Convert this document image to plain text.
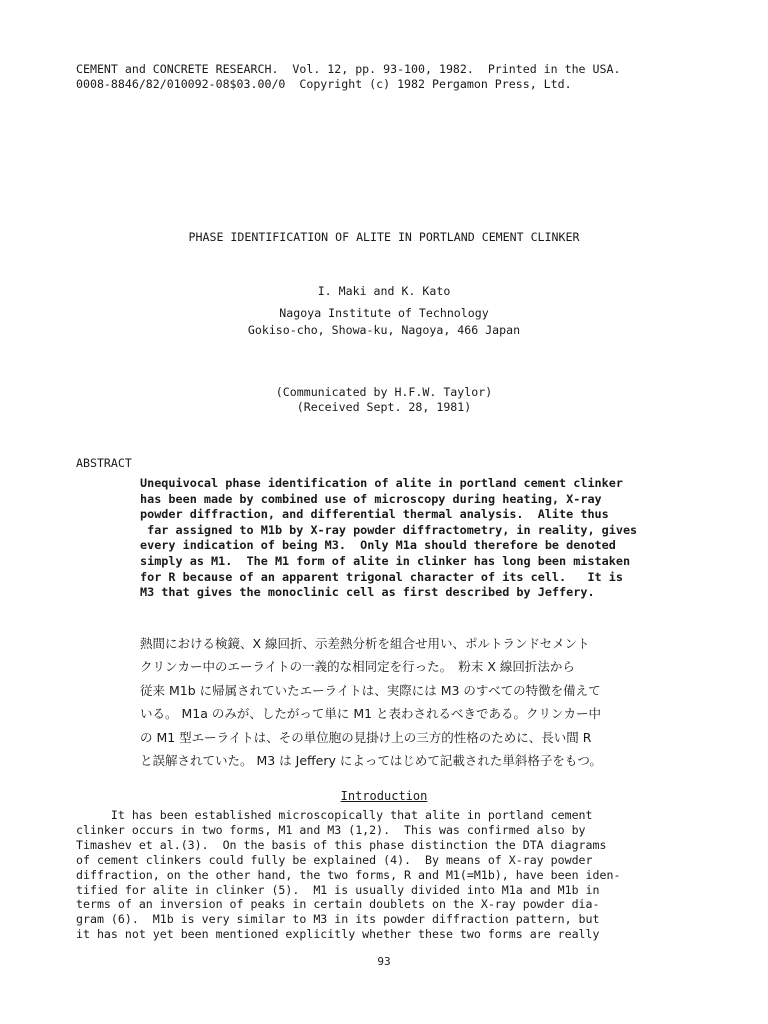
CEMENT and CONCRETE RESEARCH.  Vol. 12, pp. 93-100, 1982.  Printed in the USA.
0008-8846/82/010092-08$03.00/0  Copyright (c) 1982 Pergamon Press, Ltd.
PHASE IDENTIFICATION OF ALITE IN PORTLAND CEMENT CLINKER
I. Maki and K. Kato
Nagoya Institute of Technology
Gokiso-cho, Showa-ku, Nagoya, 466 Japan
(Communicated by H.F.W. Taylor)
(Received Sept. 28, 1981)
ABSTRACT
Unequivocal phase identification of alite in portland cement clinker
has been made by combined use of microscopy during heating, X-ray
powder diffraction, and differential thermal analysis.  Alite thus
far assigned to M1b by X-ray powder diffractometry, in reality, gives
every indication of being M3.  Only M1a should therefore be denoted
simply as M1.  The M1 form of alite in clinker has long been mistaken
for R because of an apparent trigonal character of its cell.   It is
M3 that gives the monoclinic cell as first described by Jeffery.
熱間における検鏡、X 線回折、示差熱分析を組合せ用い、ポルトランドセメント
クリンカー中のエーライトの一義的な相同定を行った。　粉末 X 線回折法から
従来 M1b に帰属されていたエーライトは、実際には M3 のすべての特徴を備えて
いる。 M1a のみが、したがって単に M1 と表わされるべきである。クリンカー中
の M1 型エーライトは、その単位胞の見掛け上の三方的性格のために、長い間 R
と誤解されていた。 M3 は Jeffery によってはじめて記載された単斜格子をもつ。
Introduction
It has been established microscopically that alite in portland cement
clinker occurs in two forms, M1 and M3 (1,2).  This was confirmed also by
Timashev et al.(3).  On the basis of this phase distinction the DTA diagrams
of cement clinkers could fully be explained (4).  By means of X-ray powder
diffraction, on the other hand, the two forms, R and M1(=M1b), have been iden-
tified for alite in clinker (5).  M1 is usually divided into M1a and M1b in
terms of an inversion of peaks in certain doublets on the X-ray powder dia-
gram (6).  M1b is very similar to M3 in its powder diffraction pattern, but
it has not yet been mentioned explicitly whether these two forms are really
93
